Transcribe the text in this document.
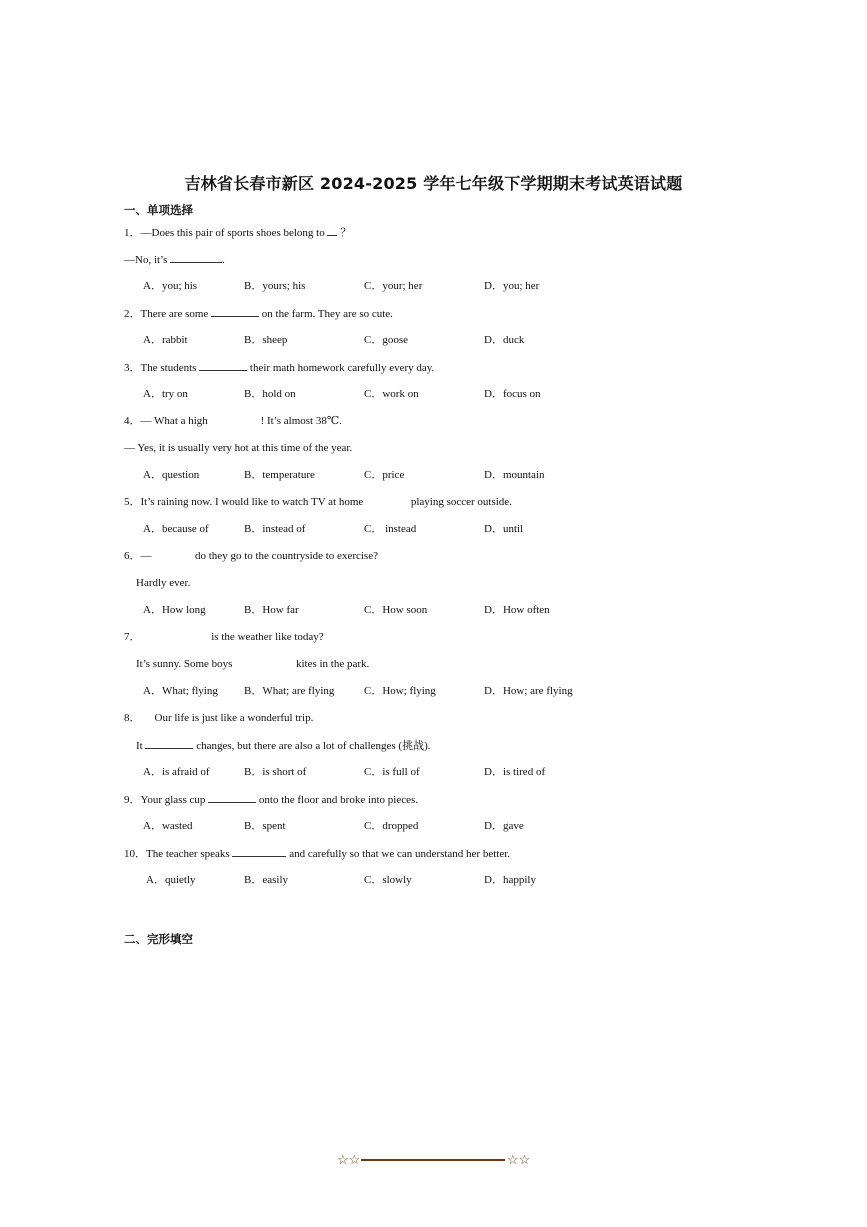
吉林省长春市新区 2024-2025 学年七年级下学期期末考试英语试题
一、单项选择
1．—Does this pair of sports shoes belong to  ？
—No, it’s	.
A．you; his	B．yours; his	C．your; her	D．you; her
2．There are some	on the farm. They are so cute.
A．rabbit	B．sheep	C．goose	D．duck
3．The students	their math homework carefully every day.
A．try on	B．hold on	C．work on	D．focus on
4．— What a high	! It’s almost 38℃.
— Yes, it is usually very hot at this time of the year.
A．question	B．temperature	C．price	D．mountain
5．It’s raining now. I would like to watch TV at home	playing soccer outside.
A．because of	B．instead of	C． instead	D．until
6．—	do they go to the countryside to exercise?
Hardly ever.
A．How long	B．How far	C．How soon	D．How often
7．	is the weather like today?
It’s sunny. Some boys	kites in the park.
A．What; flying B．What; are flying	C．How; flying	D．How; are flying
8． Our life is just like a wonderful trip.
It	changes, but there are also a lot of challenges (挑战).
A．is afraid of	B．is short of	C．is full of	D．is tired of
9．Your glass cup	onto the floor and broke into pieces.
A．wasted	B．spent	C．dropped	D．gave
10．The teacher speaks	and carefully so that we can understand her better.
A．quietly	B．easily	C．slowly	D．happily
二、完形填空
☆☆	☆☆
